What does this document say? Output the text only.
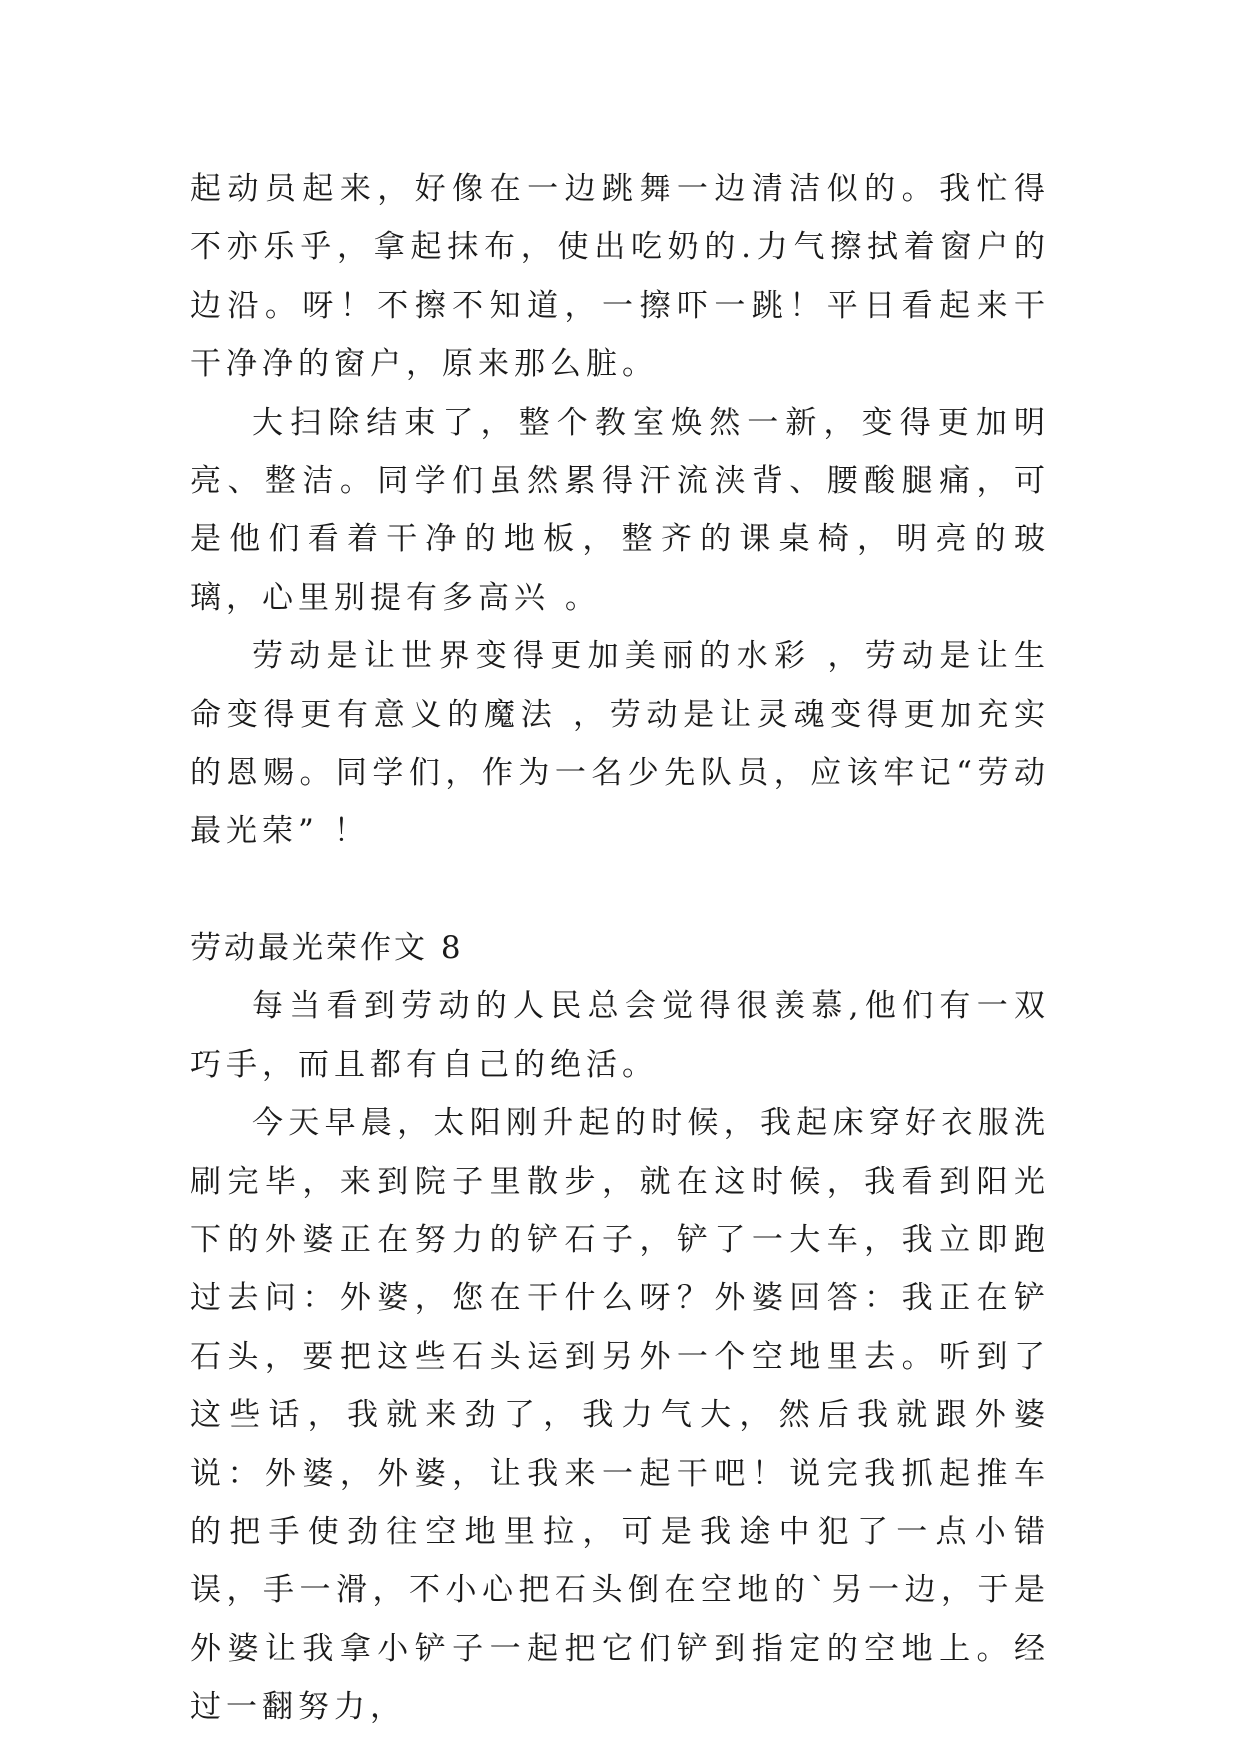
起动员起来，好像在一边跳舞一边清洁似的。我忙得不亦乐乎，拿起抹布，使出吃奶的.力气擦拭着窗户的边沿。呀！不擦不知道，一擦吓一跳！平日看起来干干净净的窗户，原来那么脏。

大扫除结束了，整个教室焕然一新，变得更加明亮、整洁。同学们虽然累得汗流浃背、腰酸腿痛，可是他们看着干净的地板，整齐的课桌椅，明亮的玻璃，心里别提有多高兴 。

劳动是让世界变得更加美丽的水彩 ，劳动是让生命变得更有意义的魔法 ，劳动是让灵魂变得更加充实的恩赐。同学们，作为一名少先队员，应该牢记“劳动最光荣” ！

劳动最光荣作文 8

每当看到劳动的人民总会觉得很羡慕,他们有一双巧手，而且都有自己的绝活。

今天早晨，太阳刚升起的时候，我起床穿好衣服洗刷完毕，来到院子里散步，就在这时候，我看到阳光下的外婆正在努力的铲石子，铲了一大车，我立即跑过去问：外婆，您在干什么呀？外婆回答：我正在铲石头，要把这些石头运到另外一个空地里去。听到了这些话，我就来劲了，我力气大，然后我就跟外婆说：外婆，外婆，让我来一起干吧！说完我抓起推车的把手使劲往空地里拉，可是我途中犯了一点小错误，手一滑，不小心把石头倒在空地的`另一边，于是外婆让我拿小铲子一起把它们铲到指定的空地上。经过一翻努力，
